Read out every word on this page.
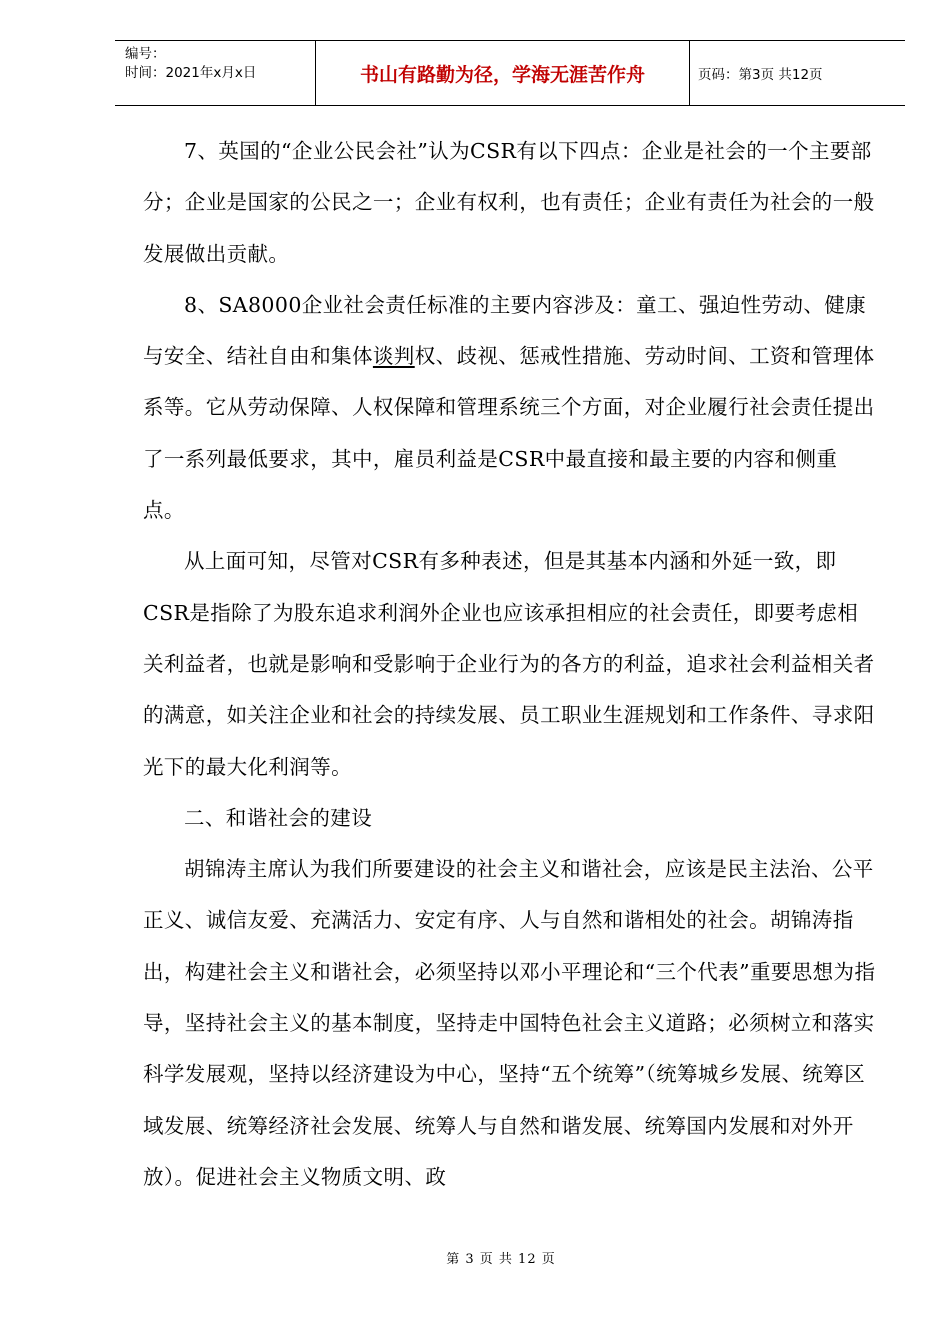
编号：
时间：2021年x月x日	书山有路勤为径，学海无涯苦作舟	页码：第3页 共12页

7、英国的“企业公民会社”认为CSR有以下四点：企业是社会的一个主要部分；企业是国家的公民之一；企业有权利，也有责任；企业有责任为社会的一般发展做出贡献。

8、SA8000企业社会责任标准的主要内容涉及：童工、强迫性劳动、健康与安全、结社自由和集体谈判权、歧视、惩戒性措施、劳动时间、工资和管理体系等。它从劳动保障、人权保障和管理系统三个方面，对企业履行社会责任提出了一系列最低要求，其中，雇员利益是CSR中最直接和最主要的内容和侧重点。

从上面可知，尽管对CSR有多种表述，但是其基本内涵和外延一致，即CSR是指除了为股东追求利润外企业也应该承担相应的社会责任，即要考虑相关利益者，也就是影响和受影响于企业行为的各方的利益，追求社会利益相关者的满意，如关注企业和社会的持续发展、员工职业生涯规划和工作条件、寻求阳光下的最大化利润等。

二、和谐社会的建设

胡锦涛主席认为我们所要建设的社会主义和谐社会，应该是民主法治、公平正义、诚信友爱、充满活力、安定有序、人与自然和谐相处的社会。胡锦涛指出，构建社会主义和谐社会，必须坚持以邓小平理论和“三个代表”重要思想为指导，坚持社会主义的基本制度，坚持走中国特色社会主义道路；必须树立和落实科学发展观，坚持以经济建设为中心，坚持“五个统筹”（统筹城乡发展、统筹区域发展、统筹经济社会发展、统筹人与自然和谐发展、统筹国内发展和对外开放）。促进社会主义物质文明、政

第 3 页 共 12 页
